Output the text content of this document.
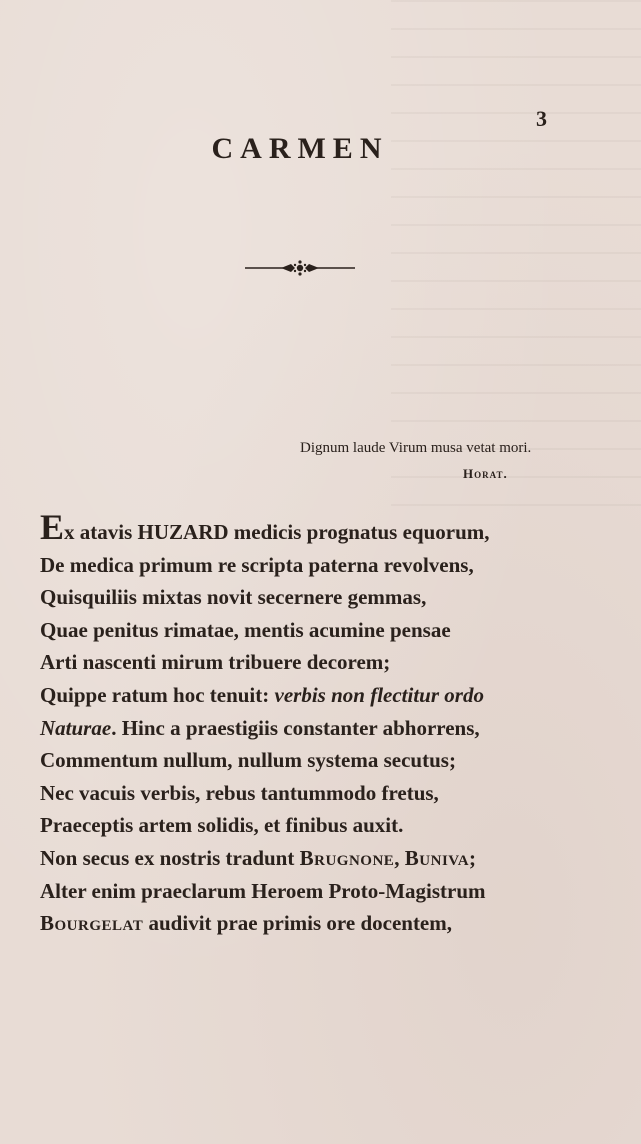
3
CARMEN
Dignum laude Virum musa vetat mori.
Horat.
Ex atavis HUZARD medicis prognatus equorum,
De medica primum re scripta paterna revolvens,
Quisquiliis mixtas novit secernere gemmas,
Quae penitus rimatae, mentis acumine pensae
Arti nascenti mirum tribuere decorem;
Quippe ratum hoc tenuit: verbis non flectitur ordo
Naturae. Hinc a praestigiis constanter abhorrens,
Commentum nullum, nullum systema secutus;
Nec vacuis verbis, rebus tantummodo fretus,
Praeceptis artem solidis, et finibus auxit.
Non secus ex nostris tradunt Brugnone, Buniva;
Alter enim praeclarum Heroem Proto-Magistrum
Bourgelat audivit prae primis ore docentem,
